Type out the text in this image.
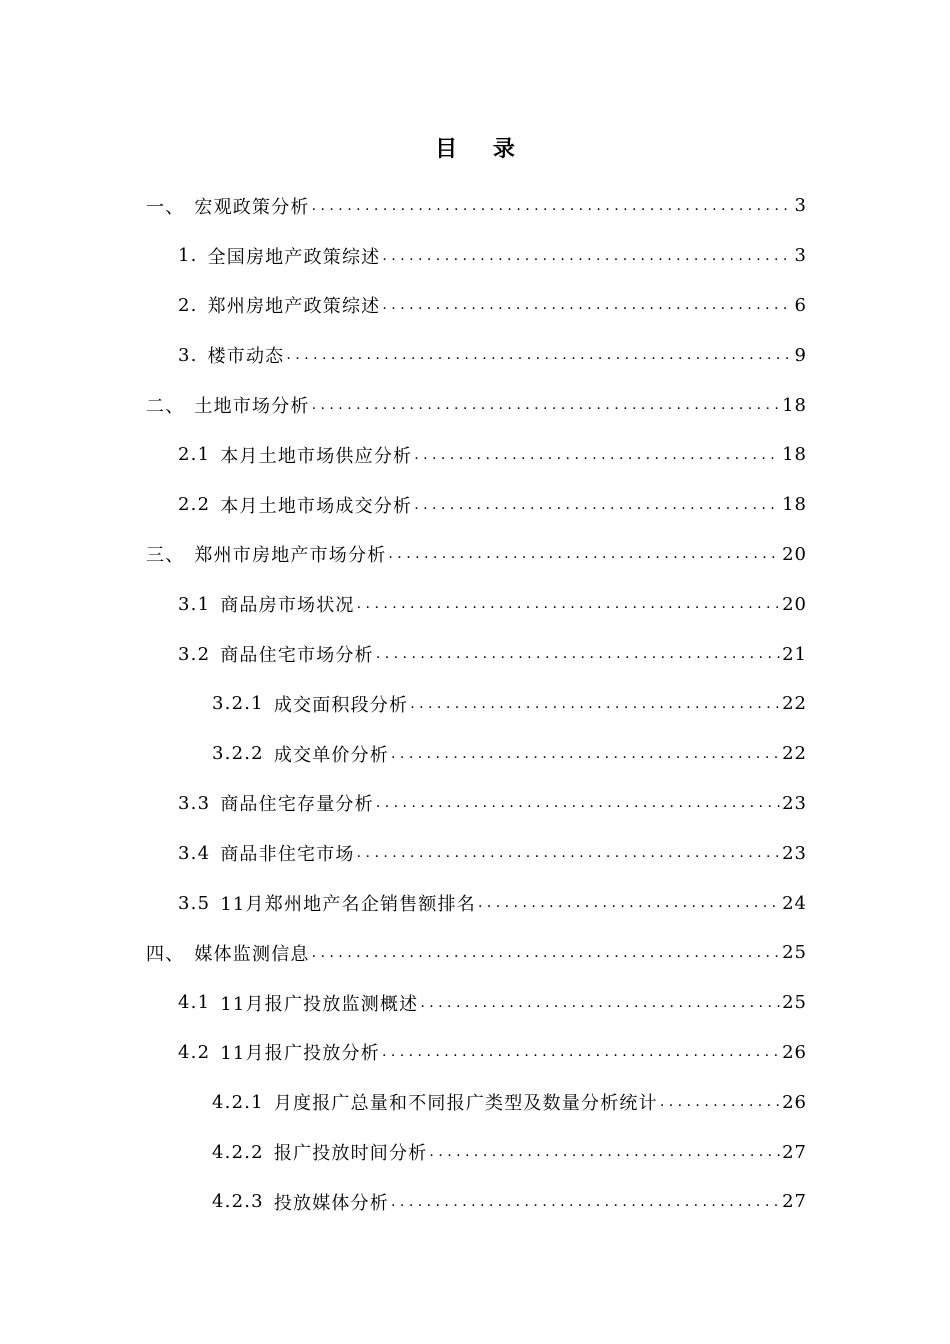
目 录
一、 宏观政策分析 . . .	3
1. 全国房地产政策综述 . . .	3
2. 郑州房地产政策综述 . . .	6
3. 楼市动态 . . .	9
二、 土地市场分析 . . .	18
2.1 本月土地市场供应分析 . . .	18
2.2 本月土地市场成交分析 . . .	18
三、 郑州市房地产市场分析 . . .	20
3.1 商品房市场状况 . . .	20
3.2 商品住宅市场分析 . . .	21
3.2.1 成交面积段分析 . . .	22
3.2.2 成交单价分析 . . .	22
3.3 商品住宅存量分析 . . .	23
3.4 商品非住宅市场 . . .	23
3.5 11月郑州地产名企销售额排名 . . .	24
四、 媒体监测信息 . . .	25
4.1 11月报广投放监测概述 . . .	25
4.2 11月报广投放分析 . . .	26
4.2.1 月度报广总量和不同报广类型及数量分析统计 . . .	26
4.2.2 报广投放时间分析 . . .	27
4.2.3 投放媒体分析 . . .	27
